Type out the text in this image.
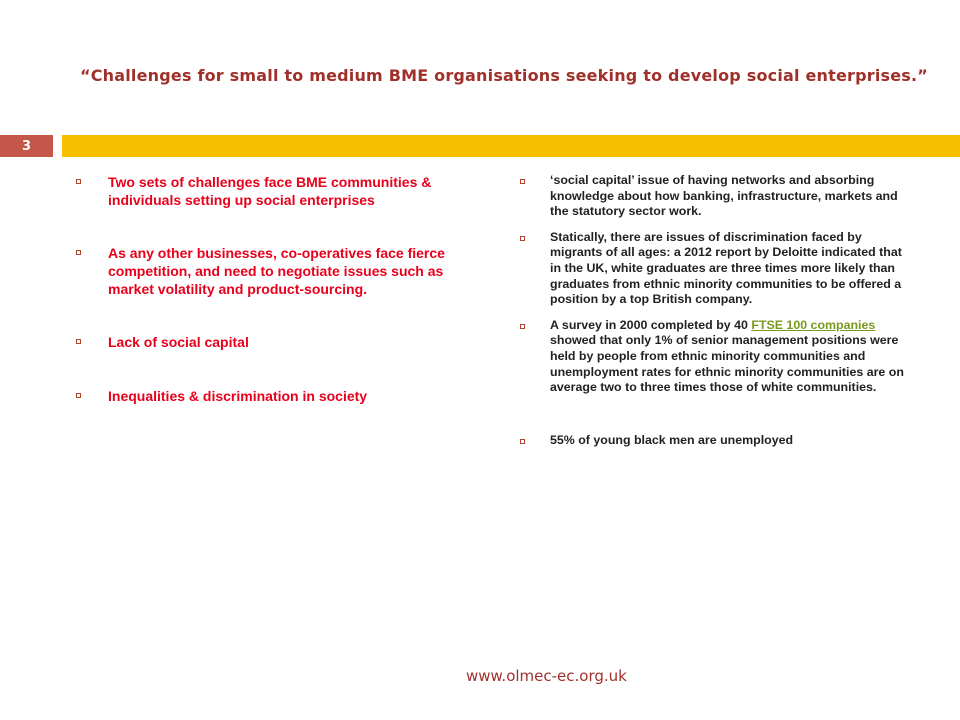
“Challenges for small to medium BME organisations seeking to develop social enterprises.”
3
Two sets of challenges face BME communities & individuals setting up social enterprises
As any other businesses, co-operatives face fierce competition, and need to negotiate issues such as market volatility and product-sourcing.
Lack of social capital
Inequalities & discrimination in society
‘social capital’ issue of having networks and absorbing knowledge about how banking, infrastructure, markets and the statutory sector work.
Statically, there are issues of discrimination faced by migrants of all ages: a 2012 report by Deloitte indicated that in the UK, white graduates are three times more likely than graduates from ethnic minority communities to be offered a position by a top British company.
A survey in 2000 completed by 40 FTSE 100 companies showed that only 1% of senior management positions were held by people from ethnic minority communities and unemployment rates for ethnic minority communities are on average two to three times those of white communities.
55% of young black men are unemployed
www.olmec-ec.org.uk
